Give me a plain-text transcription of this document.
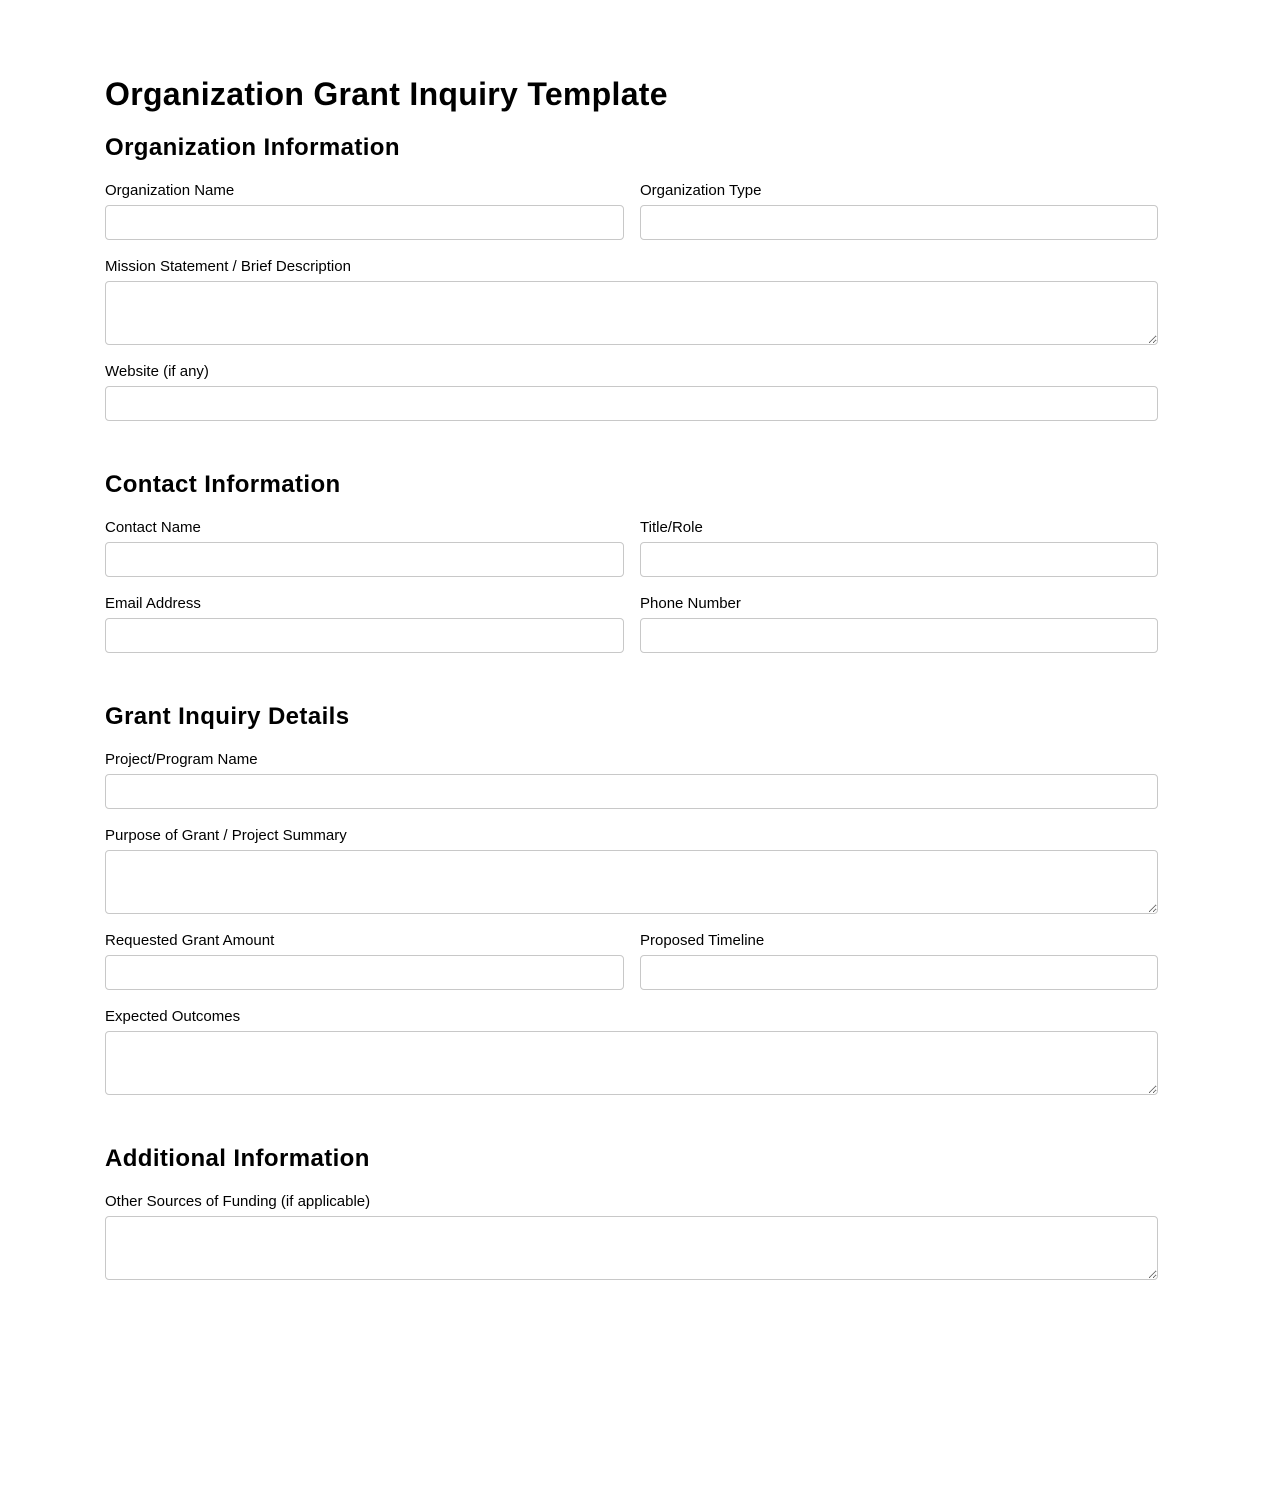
Organization Grant Inquiry Template
Organization Information
Organization Name	Organization Type
Mission Statement / Brief Description
Website (if any)
Contact Information
Contact Name	Title/Role
Email Address	Phone Number
Grant Inquiry Details
Project/Program Name
Purpose of Grant / Project Summary
Requested Grant Amount	Proposed Timeline
Expected Outcomes
Additional Information
Other Sources of Funding (if applicable)
